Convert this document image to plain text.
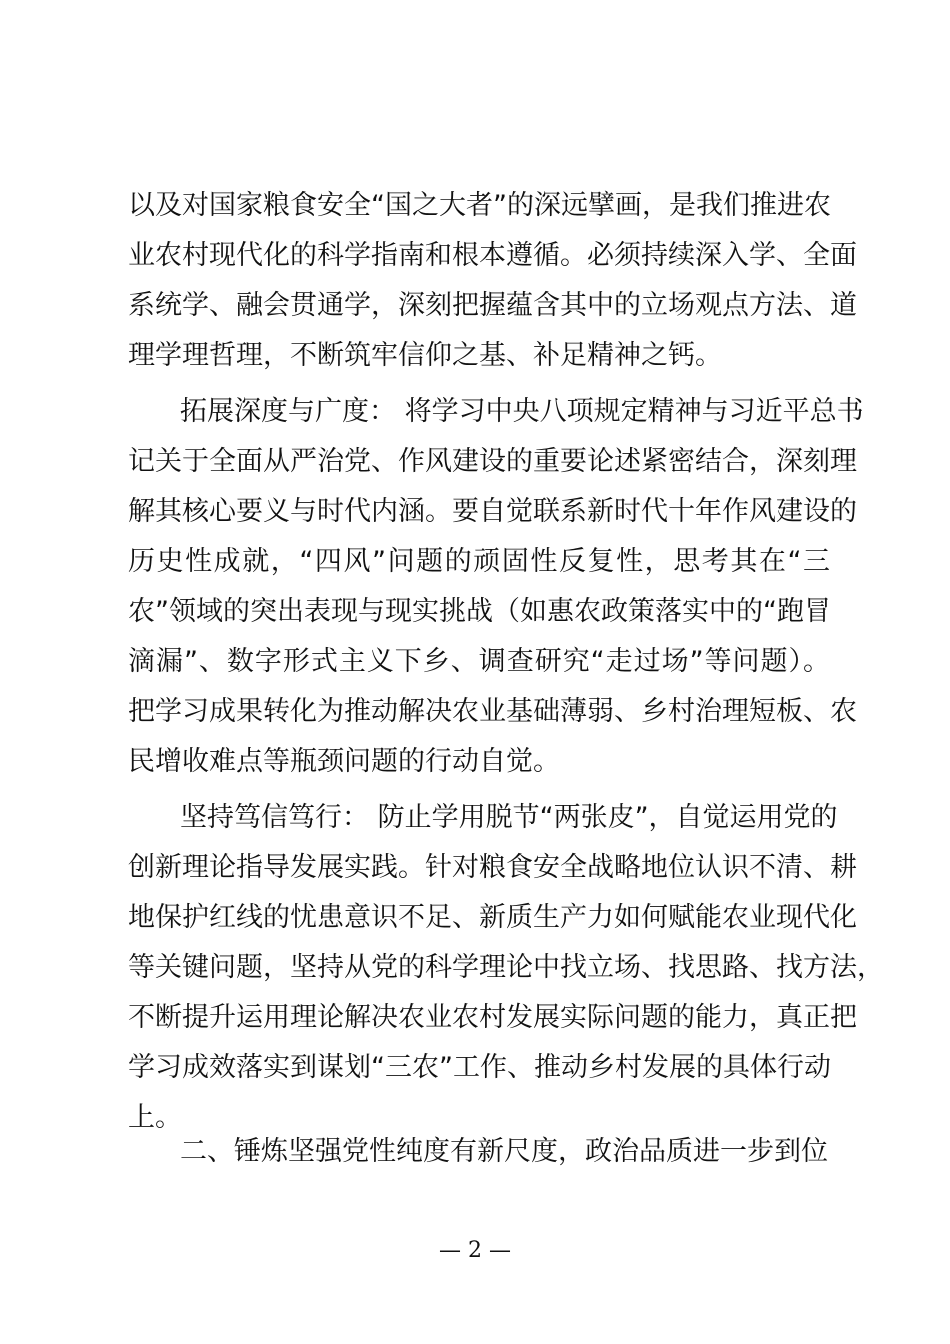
以及对国家粮食安全“国之大者”的深远擘画，是我们推进农
业农村现代化的科学指南和根本遵循。必须持续深入学、全面
系统学、融会贯通学，深刻把握蕴含其中的立场观点方法、道
理学理哲理，不断筑牢信仰之基、补足精神之钙。
拓展深度与广度： 将学习中央八项规定精神与习近平总书
记关于全面从严治党、作风建设的重要论述紧密结合，深刻理
解其核心要义与时代内涵。要自觉联系新时代十年作风建设的
历史性成就，“四风”问题的顽固性反复性，思考其在“三
农”领域的突出表现与现实挑战（如惠农政策落实中的“跑冒
滴漏”、数字形式主义下乡、调查研究“走过场”等问题）。
把学习成果转化为推动解决农业基础薄弱、乡村治理短板、农
民增收难点等瓶颈问题的行动自觉。
坚持笃信笃行： 防止学用脱节“两张皮”，自觉运用党的
创新理论指导发展实践。针对粮食安全战略地位认识不清、耕
地保护红线的忧患意识不足、新质生产力如何赋能农业现代化
等关键问题，坚持从党的科学理论中找立场、找思路、找方法，
不断提升运用理论解决农业农村发展实际问题的能力，真正把
学习成效落实到谋划“三农”工作、推动乡村发展的具体行动
上。
二、锤炼坚强党性纯度有新尺度，政治品质进一步到位
— 2 —
